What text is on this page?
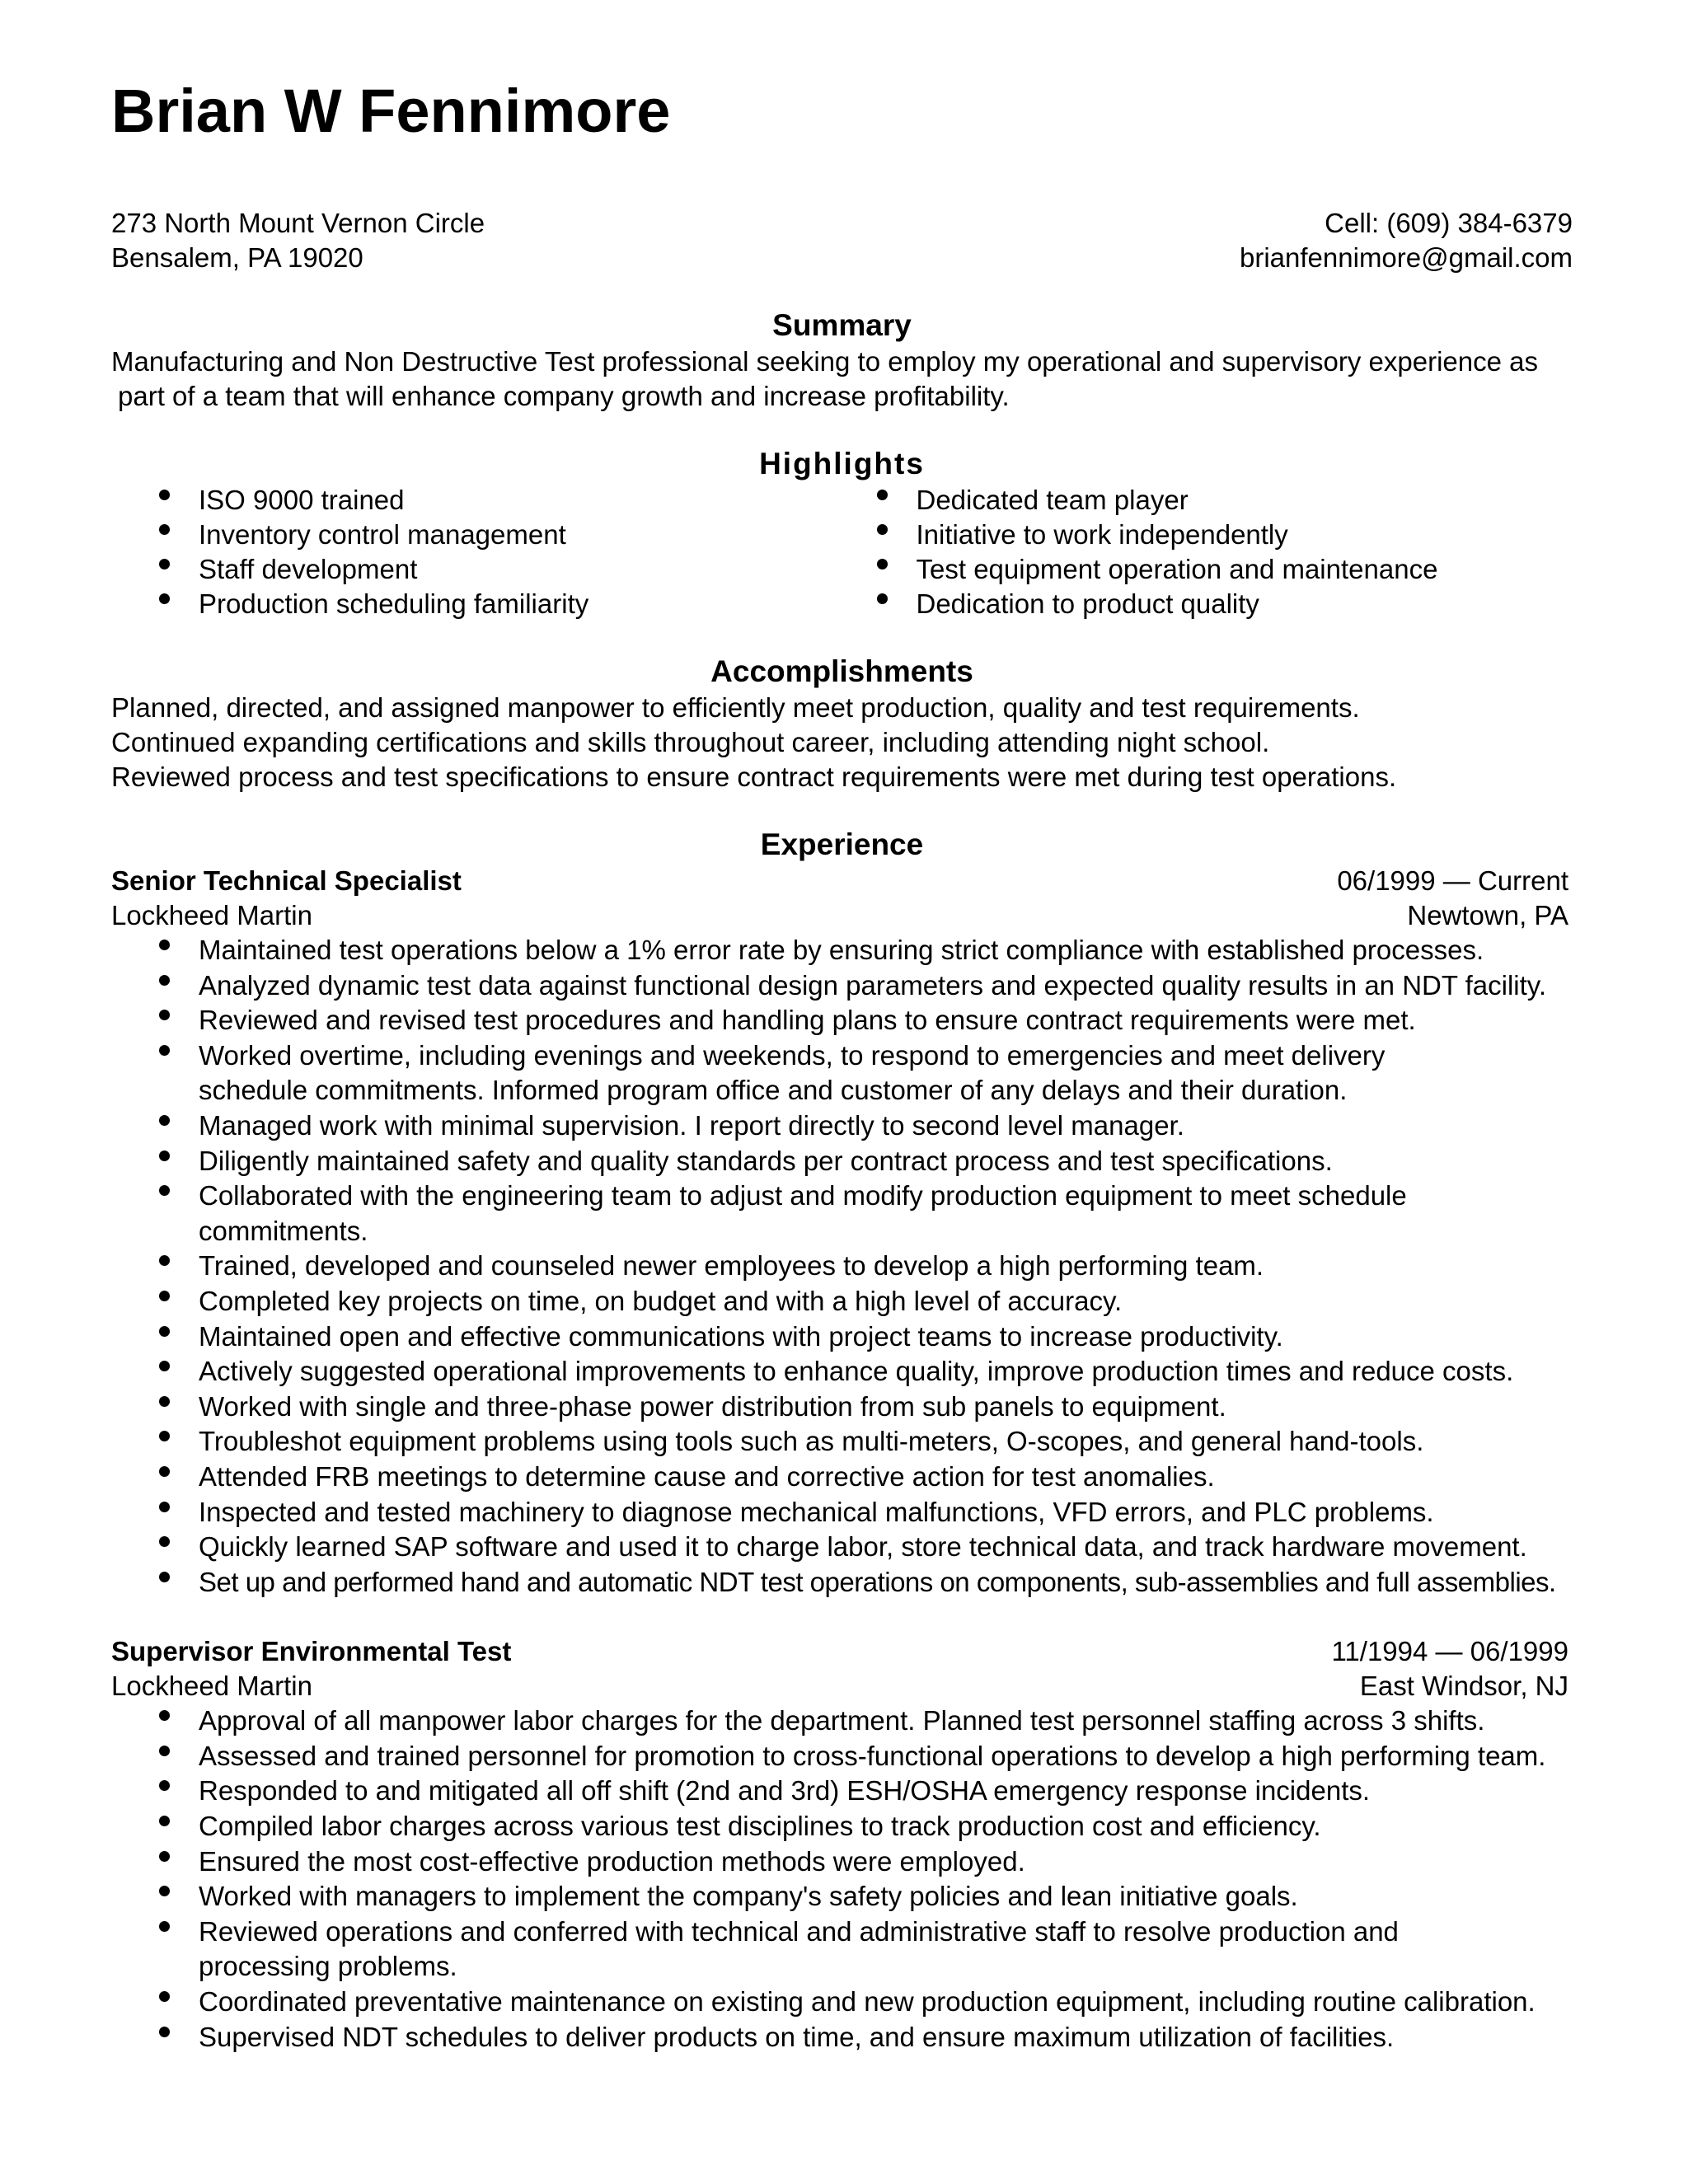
Brian W Fennimore
273 North Mount Vernon Circle
Bensalem, PA 19020
Cell: (609) 384-6379
brianfennimore@gmail.com
Summary
Manufacturing and Non Destructive Test professional seeking to employ my operational and supervisory experience as
part of a team that will enhance company growth and increase profitability.
Highlights
ISO 9000 trained
Inventory control management
Staff development
Production scheduling familiarity
Dedicated team player
Initiative to work independently
Test equipment operation and maintenance
Dedication to product quality
Accomplishments
Planned, directed, and assigned manpower to efficiently meet production, quality and test requirements.
Continued expanding certifications and skills throughout career, including attending night school.
Reviewed process and test specifications to ensure contract requirements were met during test operations.
Experience
Senior Technical Specialist	06/1999 — Current
Lockheed Martin	Newtown, PA
Maintained test operations below a 1% error rate by ensuring strict compliance with established processes.
Analyzed dynamic test data against functional design parameters and expected quality results in an NDT facility.
Reviewed and revised test procedures and handling plans to ensure contract requirements were met.
Worked overtime, including evenings and weekends, to respond to emergencies and meet delivery schedule commitments. Informed program office and customer of any delays and their duration.
Managed work with minimal supervision. I report directly to second level manager.
Diligently maintained safety and quality standards per contract process and test specifications.
Collaborated with the engineering team to adjust and modify production equipment to meet schedule commitments.
Trained, developed and counseled newer employees to develop a high performing team.
Completed key projects on time, on budget and with a high level of accuracy.
Maintained open and effective communications with project teams to increase productivity.
Actively suggested operational improvements to enhance quality, improve production times and reduce costs.
Worked with single and three-phase power distribution from sub panels to equipment.
Troubleshot equipment problems using tools such as multi-meters, O-scopes, and general hand-tools.
Attended FRB meetings to determine cause and corrective action for test anomalies.
Inspected and tested machinery to diagnose mechanical malfunctions, VFD errors, and PLC problems.
Quickly learned SAP software and used it to charge labor, store technical data, and track hardware movement.
Set up and performed hand and automatic NDT test operations on components, sub-assemblies and full assemblies.
Supervisor Environmental Test	11/1994 — 06/1999
Lockheed Martin	East Windsor, NJ
Approval of all manpower labor charges for the department. Planned test personnel staffing across 3 shifts.
Assessed and trained personnel for promotion to cross-functional operations to develop a high performing team.
Responded to and mitigated all off shift (2nd and 3rd) ESH/OSHA emergency response incidents.
Compiled labor charges across various test disciplines to track production cost and efficiency.
Ensured the most cost-effective production methods were employed.
Worked with managers to implement the company's safety policies and lean initiative goals.
Reviewed operations and conferred with technical and administrative staff to resolve production and processing problems.
Coordinated preventative maintenance on existing and new production equipment, including routine calibration.
Supervised NDT schedules to deliver products on time, and ensure maximum utilization of facilities.
